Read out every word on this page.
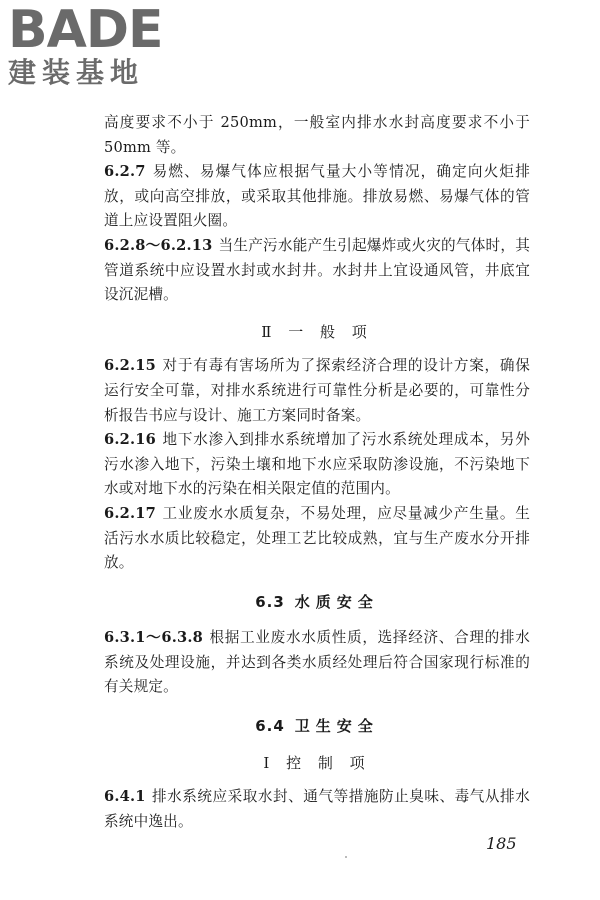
BADE
建装基地

高度要求不小于 250mm，一般室内排水水封高度要求不小于 50mm 等。

6.2.7 易燃、易爆气体应根据气量大小等情况，确定向火炬排放，或向高空排放，或采取其他排施。排放易燃、易爆气体的管道上应设置阻火圈。

6.2.8～6.2.13 当生产污水能产生引起爆炸或火灾的气体时，其管道系统中应设置水封或水封井。水封井上宜设通风管，井底宜设沉泥槽。

Ⅱ 一 般 项

6.2.15 对于有毒有害场所为了探索经济合理的设计方案，确保运行安全可靠，对排水系统进行可靠性分析是必要的，可靠性分析报告书应与设计、施工方案同时备案。

6.2.16 地下水渗入到排水系统增加了污水系统处理成本，另外污水渗入地下，污染土壤和地下水应采取防渗设施，不污染地下水或对地下水的污染在相关限定值的范围内。

6.2.17 工业废水水质复杂，不易处理，应尽量减少产生量。生活污水水质比较稳定，处理工艺比较成熟，宜与生产废水分开排放。

6.3 水质安全

6.3.1～6.3.8 根据工业废水水质性质，选择经济、合理的排水系统及处理设施，并达到各类水质经处理后符合国家现行标准的有关规定。

6.4 卫生安全
Ⅰ 控 制 项

6.4.1 排水系统应采取水封、通气等措施防止臭味、毒气从排水系统中逸出。

185
